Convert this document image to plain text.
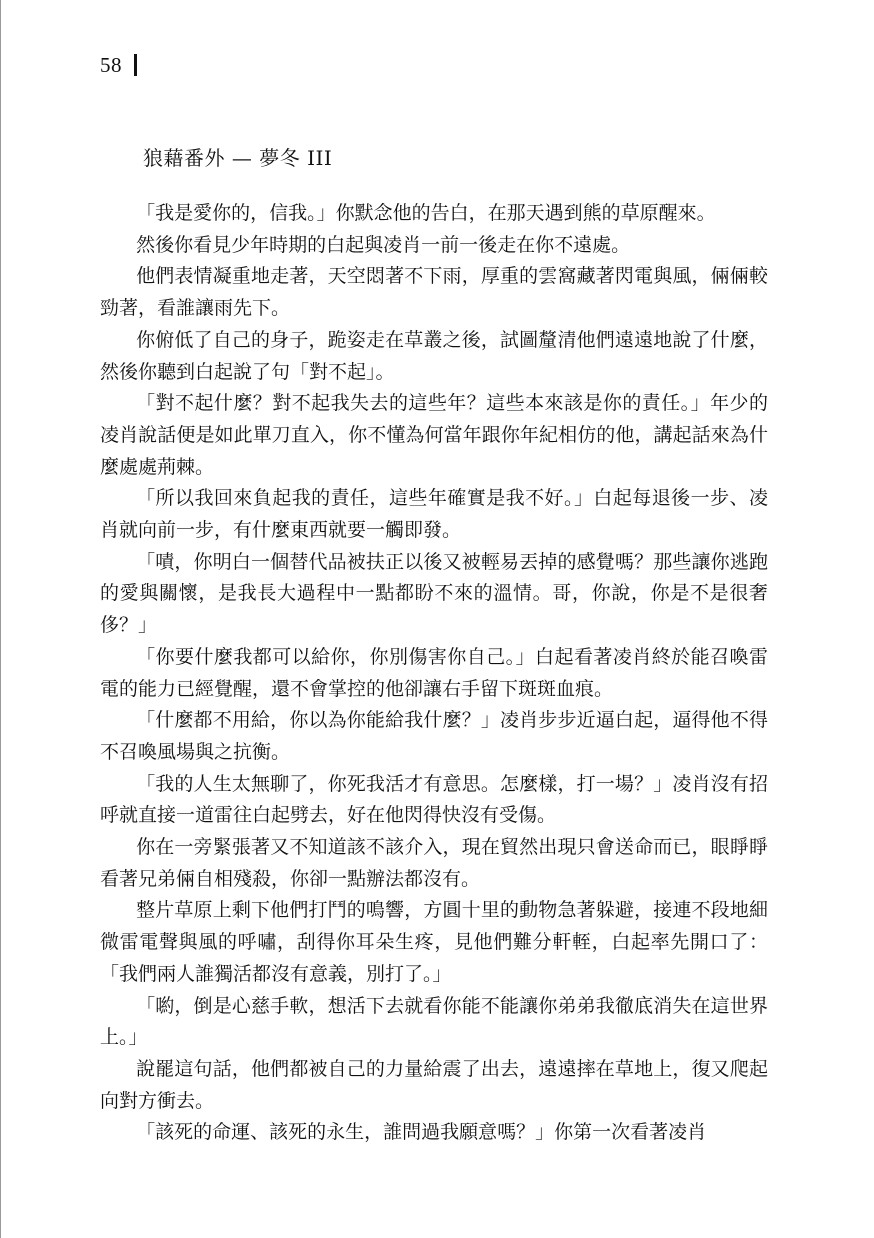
58
狼藉番外 — 夢冬 III

「我是愛你的，信我。」你默念他的告白，在那天遇到熊的草原醒來。

然後你看見少年時期的白起與凌肖一前一後走在你不遠處。

他們表情凝重地走著，天空悶著不下雨，厚重的雲窩藏著閃電與風，倆倆較勁著，看誰讓雨先下。

你俯低了自己的身子，跪姿走在草叢之後，試圖釐清他們遠遠地說了什麼，然後你聽到白起說了句「對不起」。

「對不起什麼？對不起我失去的這些年？這些本來該是你的責任。」年少的凌肖說話便是如此單刀直入，你不懂為何當年跟你年紀相仿的他，講起話來為什麼處處荊棘。

「所以我回來負起我的責任，這些年確實是我不好。」白起每退後一步、凌肖就向前一步，有什麼東西就要一觸即發。

「嘖，你明白一個替代品被扶正以後又被輕易丟掉的感覺嗎？那些讓你逃跑的愛與關懷，是我長大過程中一點都盼不來的溫情。哥，你說，你是不是很奢侈？」

「你要什麼我都可以給你，你別傷害你自己。」白起看著凌肖終於能召喚雷電的能力已經覺醒，還不會掌控的他卻讓右手留下斑斑血痕。

「什麼都不用給，你以為你能給我什麼？」凌肖步步近逼白起，逼得他不得不召喚風場與之抗衡。

「我的人生太無聊了，你死我活才有意思。怎麼樣，打一場？」凌肖沒有招呼就直接一道雷往白起劈去，好在他閃得快沒有受傷。

你在一旁緊張著又不知道該不該介入，現在貿然出現只會送命而已，眼睜睜看著兄弟倆自相殘殺，你卻一點辦法都沒有。

整片草原上剩下他們打鬥的鳴響，方圓十里的動物急著躲避，接連不段地細微雷電聲與風的呼嘯，刮得你耳朵生疼，見他們難分軒輊，白起率先開口了：「我們兩人誰獨活都沒有意義，別打了。」

「喲，倒是心慈手軟，想活下去就看你能不能讓你弟弟我徹底消失在這世界上。」

說罷這句話，他們都被自己的力量給震了出去，遠遠摔在草地上，復又爬起向對方衝去。

「該死的命運、該死的永生，誰問過我願意嗎？」你第一次看著凌肖
